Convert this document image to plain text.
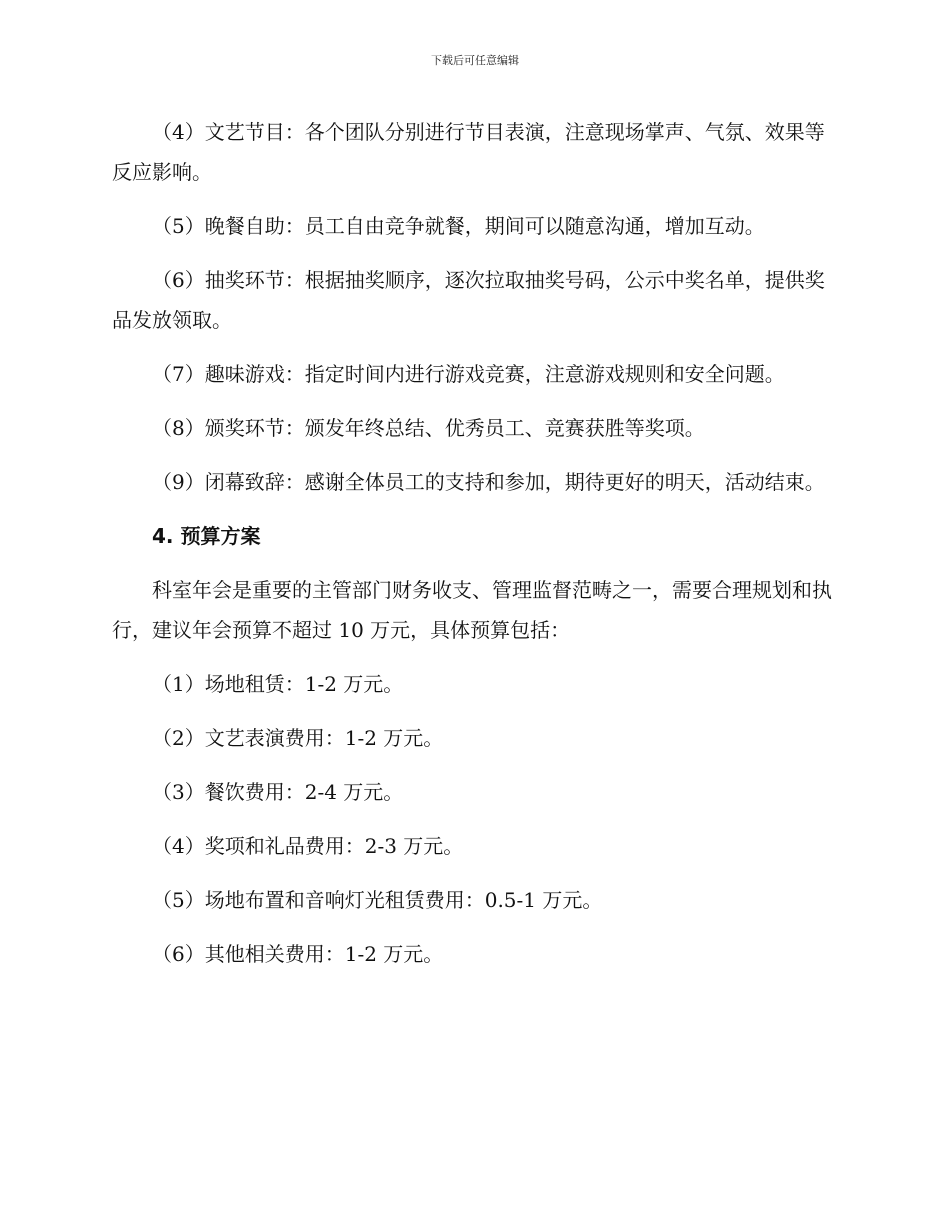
下载后可任意编辑

（4）文艺节目：各个团队分别进行节目表演，注意现场掌声、气氛、效果等反应影响。

（5）晚餐自助：员工自由竞争就餐，期间可以随意沟通，增加互动。

（6）抽奖环节：根据抽奖顺序，逐次拉取抽奖号码，公示中奖名单，提供奖品发放领取。

（7）趣味游戏：指定时间内进行游戏竞赛，注意游戏规则和安全问题。

（8）颁奖环节：颁发年终总结、优秀员工、竞赛获胜等奖项。

（9）闭幕致辞：感谢全体员工的支持和参加，期待更好的明天，活动结束。

4. 预算方案

科室年会是重要的主管部门财务收支、管理监督范畴之一，需要合理规划和执行，建议年会预算不超过 10 万元，具体预算包括：

（1）场地租赁：1-2 万元。

（2）文艺表演费用：1-2 万元。

（3）餐饮费用：2-4 万元。

（4）奖项和礼品费用：2-3 万元。

（5）场地布置和音响灯光租赁费用：0.5-1 万元。

（6）其他相关费用：1-2 万元。
